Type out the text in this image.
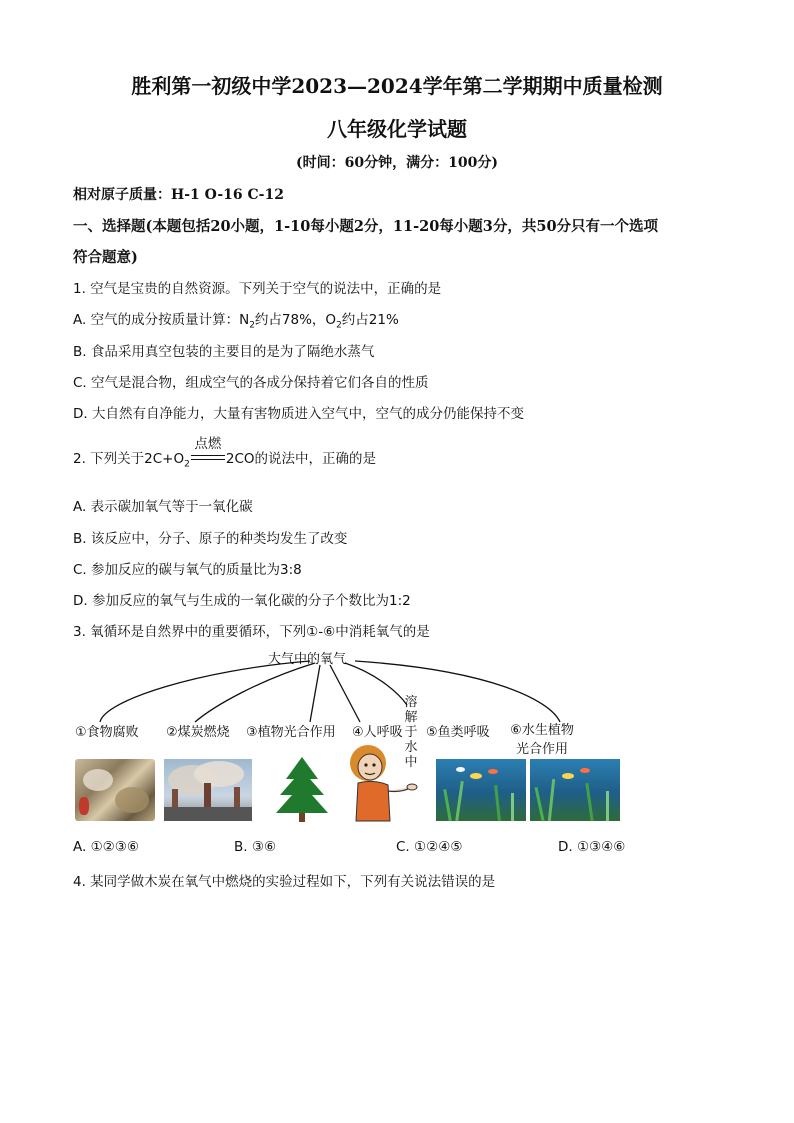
胜利第一初级中学2023—2024学年第二学期期中质量检测
八年级化学试题
(时间：60分钟，满分：100分)
相对原子质量：H-1 O-16 C-12
一、选择题(本题包括20小题，1-10每小题2分，11-20每小题3分，共50分只有一个选项
符合题意)
1. 空气是宝贵的自然资源。下列关于空气的说法中，正确的是
A. 空气的成分按质量计算：$N_2$约占78%，$O_2$约占21%
B. 食品采用真空包装的主要目的是为了隔绝水蒸气
C. 空气是混合物，组成空气的各成分保持着它们各自的性质
D. 大自然有自净能力，大量有害物质进入空气中，空气的成分仍能保持不变
2. 下列关于$2C+O_2$
点燃
2CO的说法中，正确的是
A. 表示碳加氧气等于一氧化碳
B. 该反应中，分子、原子的种类均发生了改变
C. 参加反应的碳与氧气的质量比为3:8
D. 参加反应的氧气与生成的一氧化碳的分子个数比为1:2
3. 氧循环是自然界中的重要循环，下列①-⑥中消耗氧气的是
大气中的氧气
溶解于水中
①食物腐败 ②煤炭燃烧 ③植物光合作用 ④人呼吸 ⑤鱼类呼吸 ⑥水生植物光合作用
A. ①②③⑥	B. ③⑥	C. ①②④⑤	D. ①③④⑥
4. 某同学做木炭在氧气中燃烧的实验过程如下，下列有关说法错误的是
